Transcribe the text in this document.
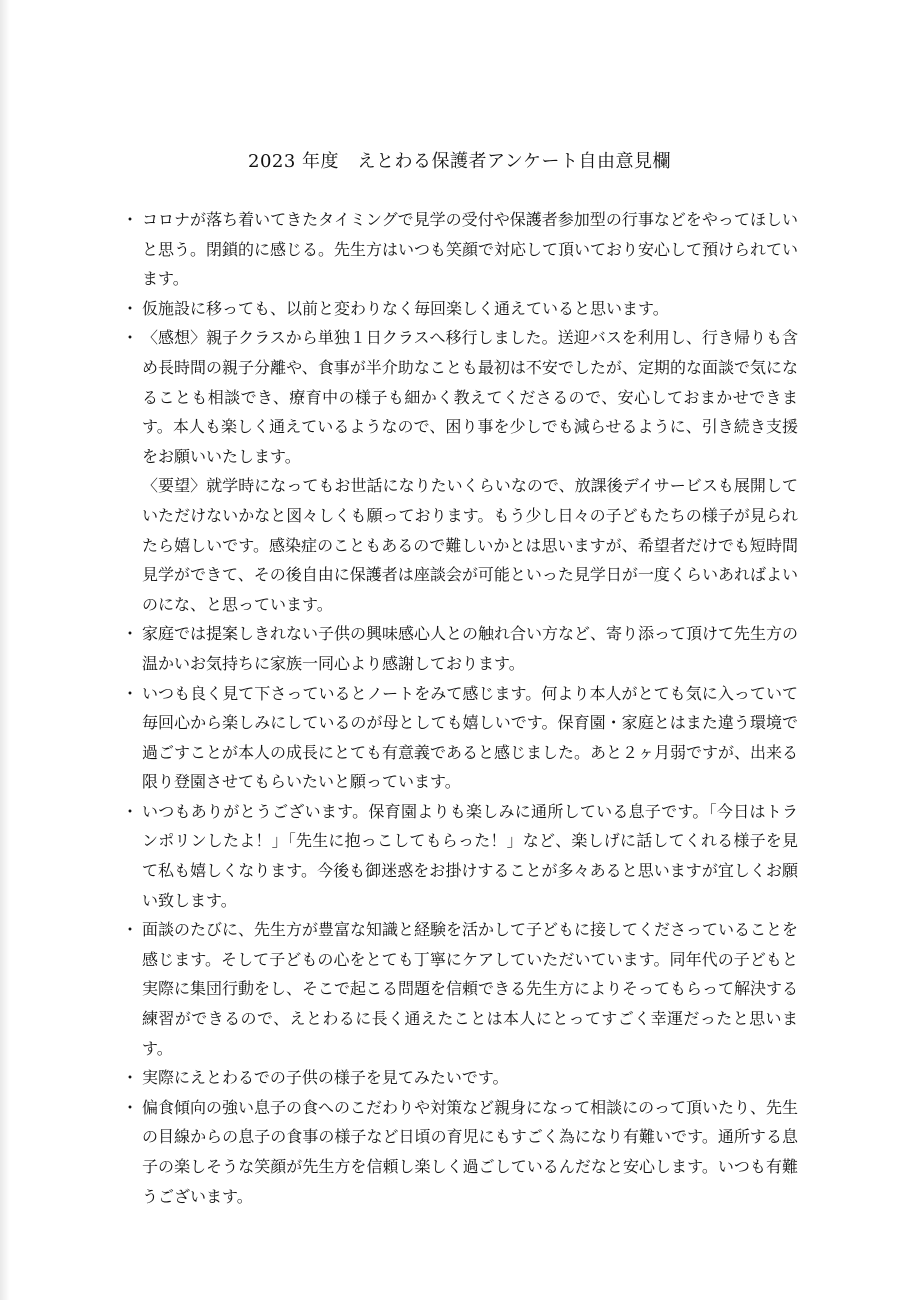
2023 年度　えとわる保護者アンケート自由意見欄
・ コロナが落ち着いてきたタイミングで見学の受付や保護者参加型の行事などをやってほしいと思う。閉鎖的に感じる。先生方はいつも笑顔で対応して頂いており安心して預けられています。

・ 仮施設に移っても、以前と変わりなく毎回楽しく通えていると思います。

・ 〈感想〉親子クラスから単独１日クラスへ移行しました。送迎バスを利用し、行き帰りも含め長時間の親子分離や、食事が半介助なことも最初は不安でしたが、定期的な面談で気になることも相談でき、療育中の様子も細かく教えてくださるので、安心しておまかせできます。本人も楽しく通えているようなので、困り事を少しでも減らせるように、引き続き支援をお願いいたします。

〈要望〉就学時になってもお世話になりたいくらいなので、放課後デイサービスも展開していただけないかなと図々しくも願っております。もう少し日々の子どもたちの様子が見られたら嬉しいです。感染症のこともあるので難しいかとは思いますが、希望者だけでも短時間見学ができて、その後自由に保護者は座談会が可能といった見学日が一度くらいあればよいのにな、と思っています。

・ 家庭では提案しきれない子供の興味感心人との触れ合い方など、寄り添って頂けて先生方の温かいお気持ちに家族一同心より感謝しております。

・ いつも良く見て下さっているとノートをみて感じます。何より本人がとても気に入っていて毎回心から楽しみにしているのが母としても嬉しいです。保育園・家庭とはまた違う環境で過ごすことが本人の成長にとても有意義であると感じました。あと２ヶ月弱ですが、出来る限り登園させてもらいたいと願っています。

・ いつもありがとうございます。保育園よりも楽しみに通所している息子です。「今日はトランポリンしたよ！」「先生に抱っこしてもらった！」など、楽しげに話してくれる様子を見て私も嬉しくなります。今後も御迷惑をお掛けすることが多々あると思いますが宜しくお願い致します。

・ 面談のたびに、先生方が豊富な知識と経験を活かして子どもに接してくださっていることを感じます。そして子どもの心をとても丁寧にケアしていただいています。同年代の子どもと実際に集団行動をし、そこで起こる問題を信頼できる先生方によりそってもらって解決する練習ができるので、えとわるに長く通えたことは本人にとってすごく幸運だったと思います。

・ 実際にえとわるでの子供の様子を見てみたいです。

・ 偏食傾向の強い息子の食へのこだわりや対策など親身になって相談にのって頂いたり、先生の目線からの息子の食事の様子など日頃の育児にもすごく為になり有難いです。通所する息子の楽しそうな笑顔が先生方を信頼し楽しく過ごしているんだなと安心します。いつも有難うございます。
